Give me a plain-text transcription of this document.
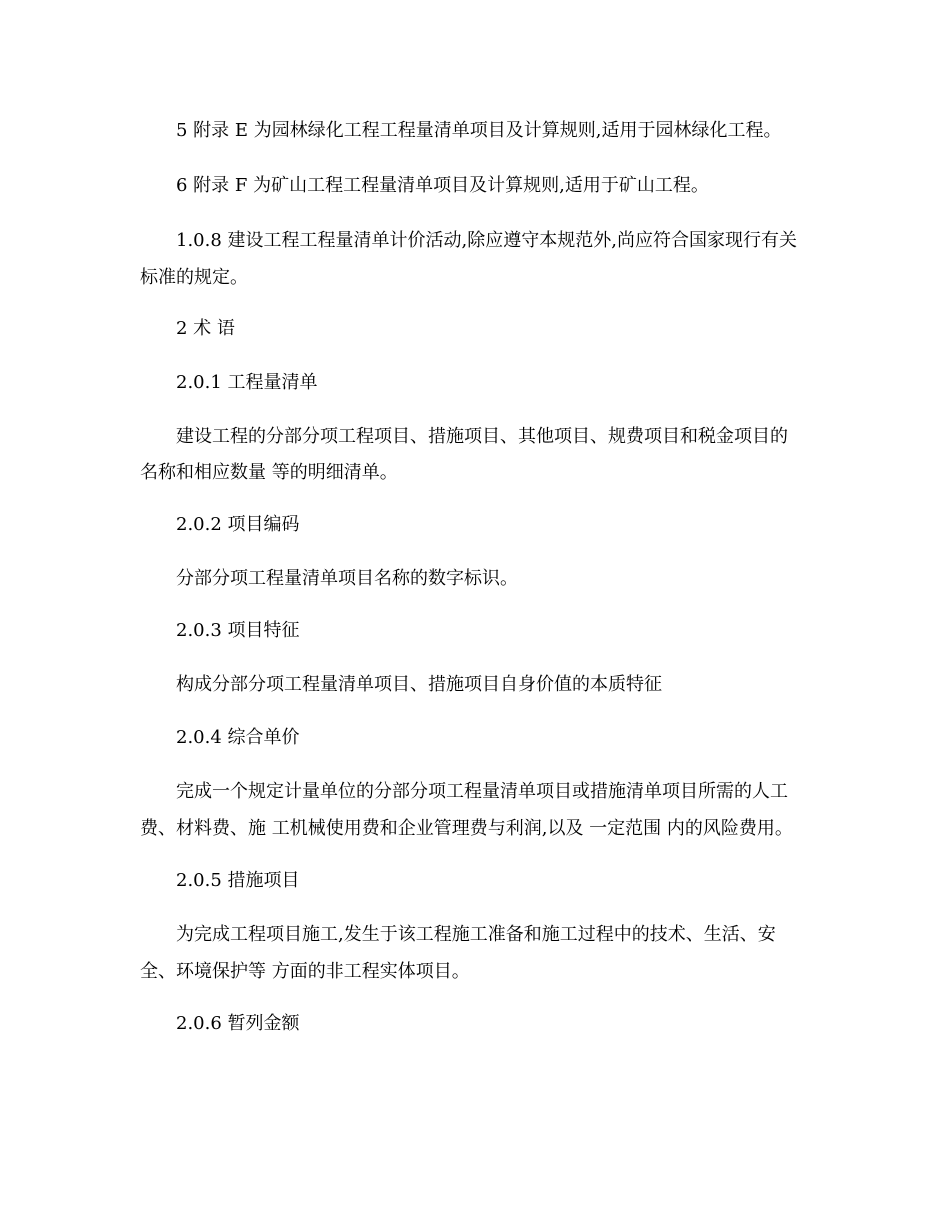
5 附录 E 为园林绿化工程工程量清单项目及计算规则,适用于园林绿化工程。
6 附录 F 为矿山工程工程量清单项目及计算规则,适用于矿山工程。
1.0.8 建设工程工程量清单计价活动,除应遵守本规范外,尚应符合国家现行有关
标准的规定。
2 术 语
2.0.1 工程量清单
建设工程的分部分项工程项目、措施项目、其他项目、规费项目和税金项目的
名称和相应数量 等的明细清单。
2.0.2 项目编码
分部分项工程量清单项目名称的数字标识。
2.0.3 项目特征
构成分部分项工程量清单项目、措施项目自身价值的本质特征
2.0.4 综合单价
完成一个规定计量单位的分部分项工程量清单项目或措施清单项目所需的人工
费、材料费、施 工机械使用费和企业管理费与利润,以及 一定范围 内的风险费用。
2.0.5 措施项目
为完成工程项目施工,发生于该工程施工准备和施工过程中的技术、生活、安
全、环境保护等 方面的非工程实体项目。
2.0.6 暂列金额
